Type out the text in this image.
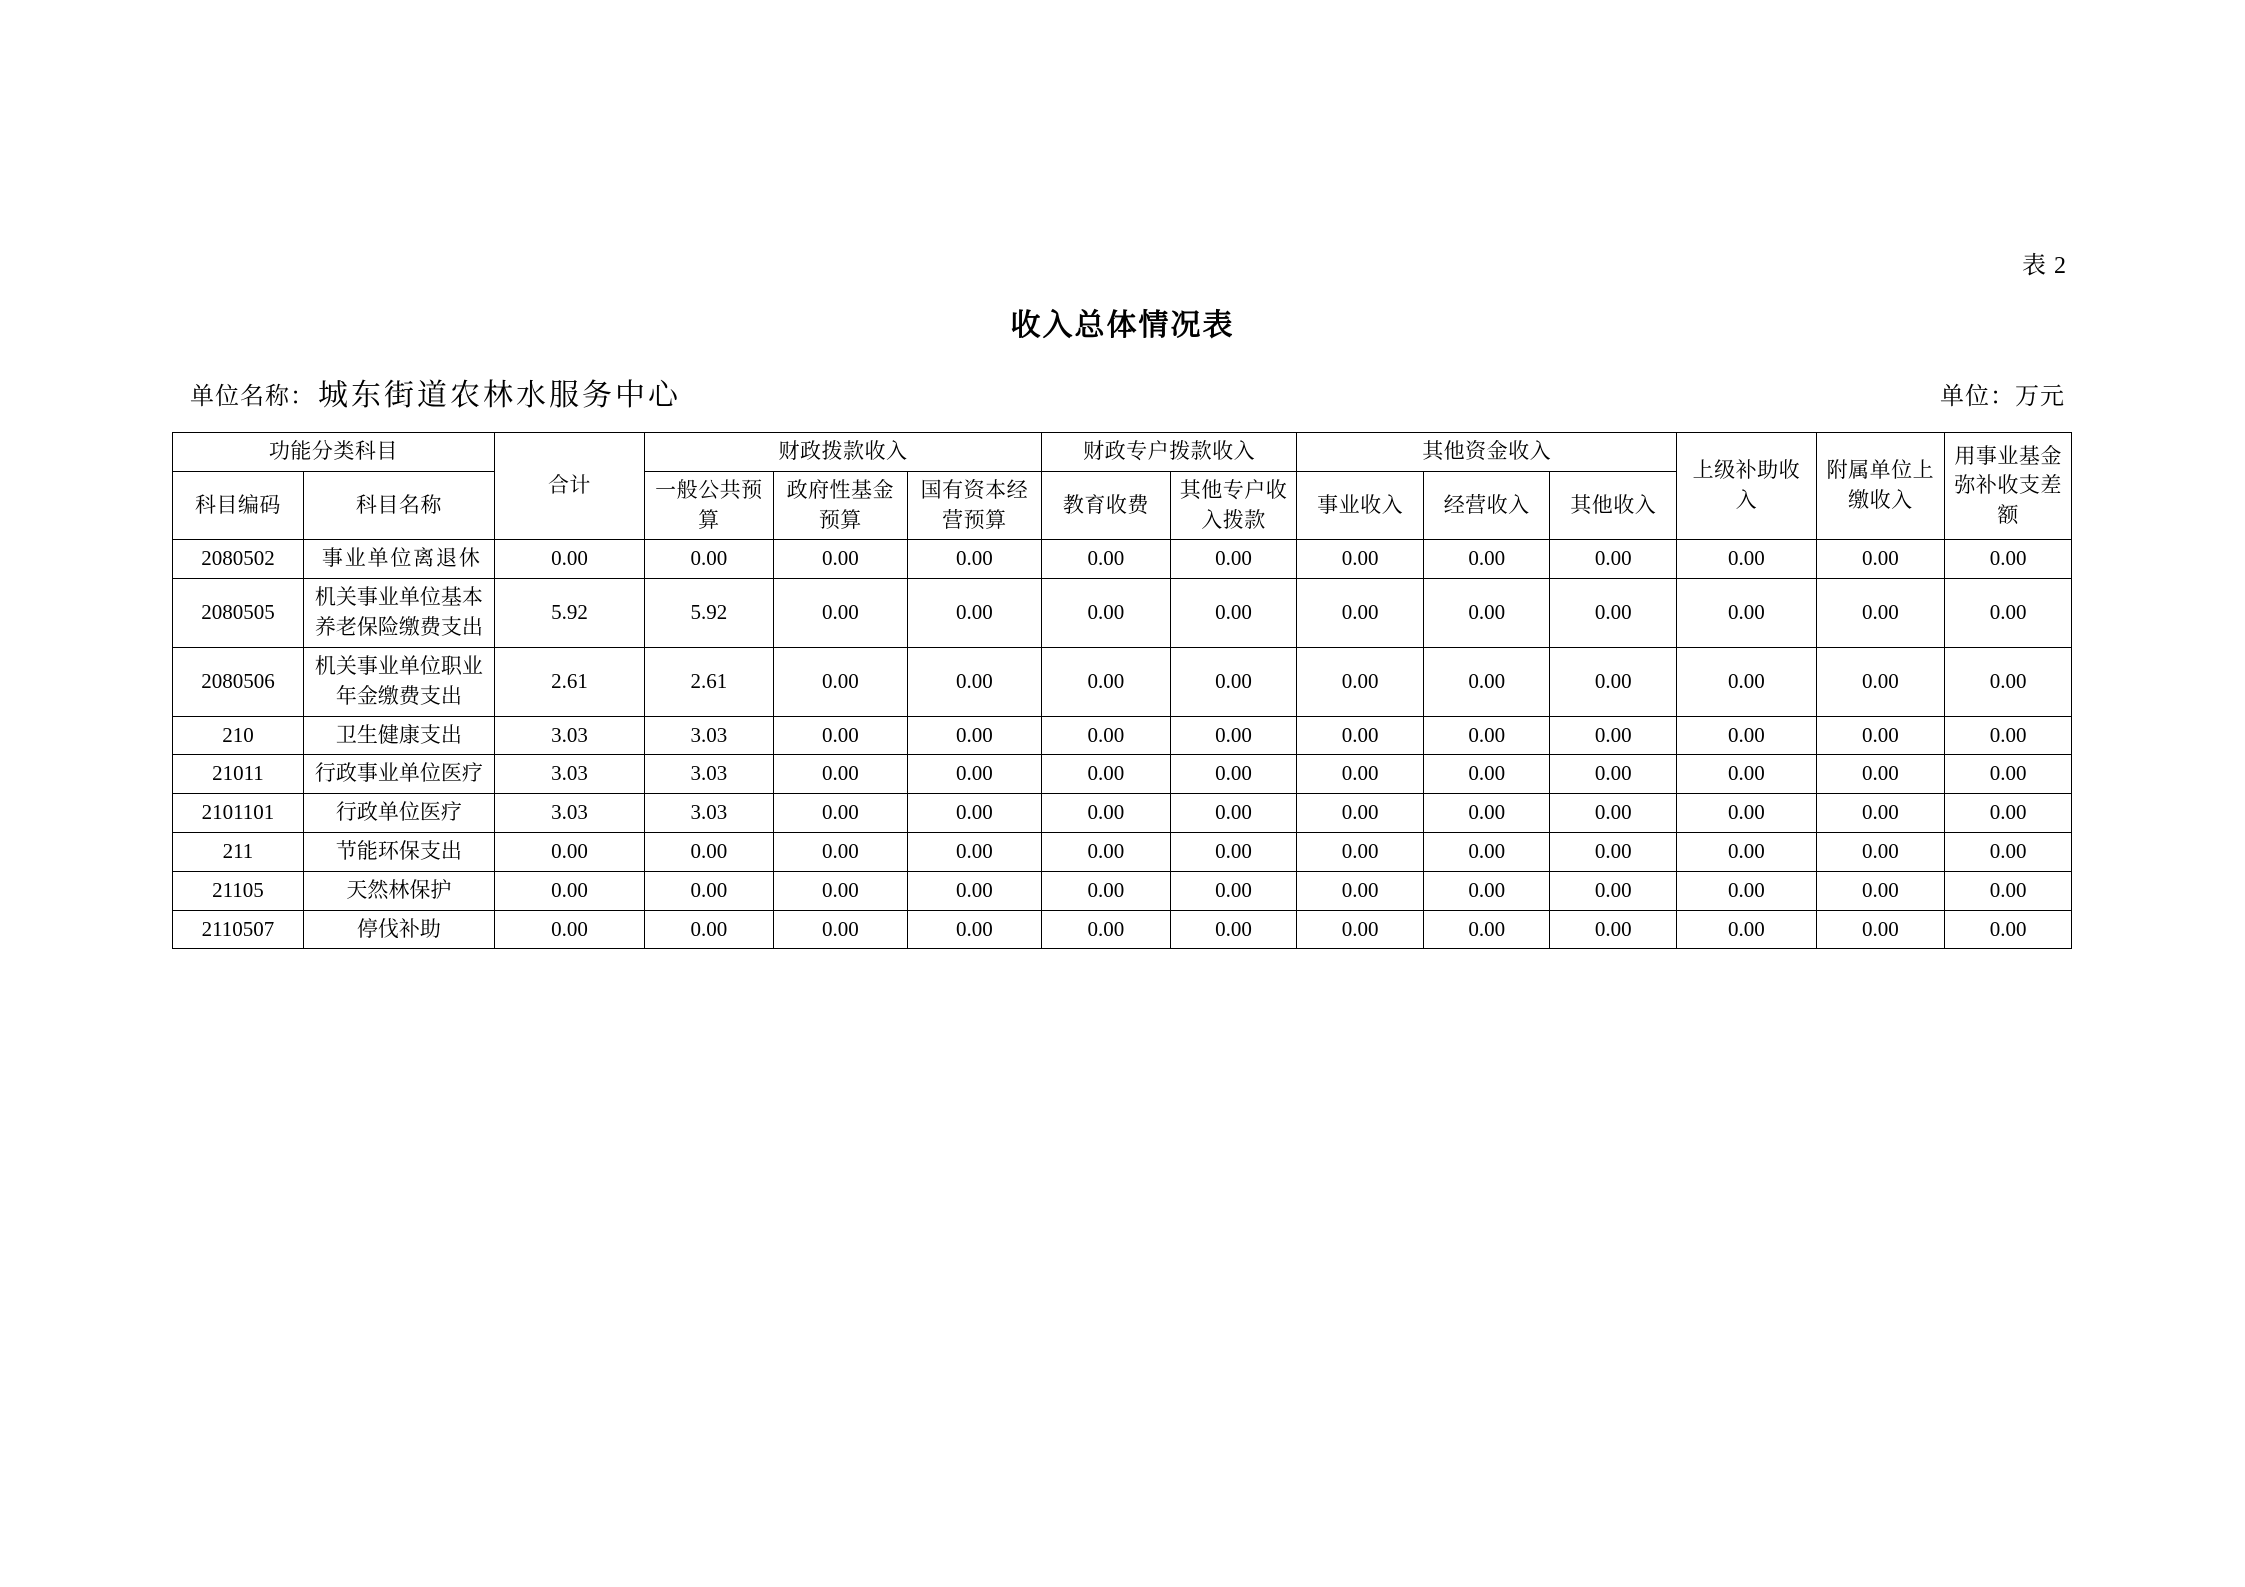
表 2
收入总体情况表
单位名称： 城东街道农林水服务中心	单位：万元
功能分类科目		合计	财政拨款收入			财政专户拨款收入		其他资金收入			上级补助收入	附属单位上缴收入	用事业基金弥补收支差额
科目编码	科目名称		一般公共预算	政府性基金预算	国有资本经营预算	教育收费	其他专户收入拨款	事业收入	经营收入	其他收入			
2080502	事业单位离退休	0.00	0.00	0.00	0.00	0.00	0.00	0.00	0.00	0.00	0.00	0.00	0.00
2080505	机关事业单位基本养老保险缴费支出	5.92	5.92	0.00	0.00	0.00	0.00	0.00	0.00	0.00	0.00	0.00	0.00
2080506	机关事业单位职业年金缴费支出	2.61	2.61	0.00	0.00	0.00	0.00	0.00	0.00	0.00	0.00	0.00	0.00
210	卫生健康支出	3.03	3.03	0.00	0.00	0.00	0.00	0.00	0.00	0.00	0.00	0.00	0.00
21011	行政事业单位医疗	3.03	3.03	0.00	0.00	0.00	0.00	0.00	0.00	0.00	0.00	0.00	0.00
2101101	行政单位医疗	3.03	3.03	0.00	0.00	0.00	0.00	0.00	0.00	0.00	0.00	0.00	0.00
211	节能环保支出	0.00	0.00	0.00	0.00	0.00	0.00	0.00	0.00	0.00	0.00	0.00	0.00
21105	天然林保护	0.00	0.00	0.00	0.00	0.00	0.00	0.00	0.00	0.00	0.00	0.00	0.00
2110507	停伐补助	0.00	0.00	0.00	0.00	0.00	0.00	0.00	0.00	0.00	0.00	0.00	0.00
